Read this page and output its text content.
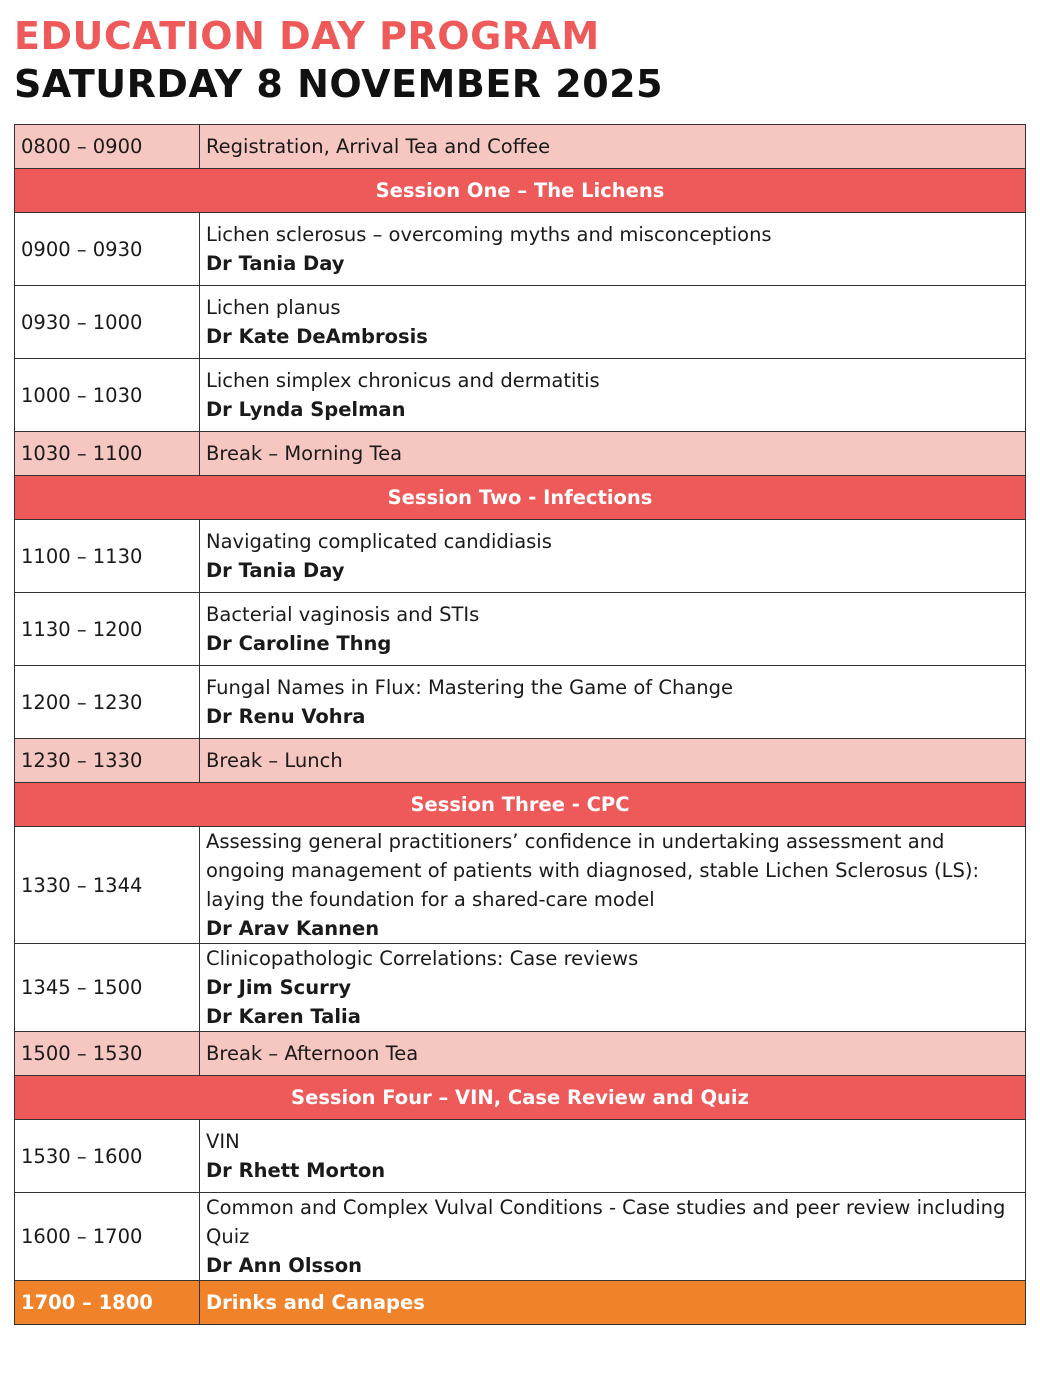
EDUCATION DAY PROGRAM
SATURDAY 8 NOVEMBER 2025
0800 – 0900	Registration, Arrival Tea and Coffee
Session One – The Lichens	
0900 – 0930	Lichen sclerosus – overcoming myths and misconceptions
Dr Tania Day

0930 – 1000	Lichen planus
Dr Kate DeAmbrosis

1000 – 1030	Lichen simplex chronicus and dermatitis
Dr Lynda Spelman

1030 – 1100	Break – Morning Tea
Session Two - Infections	
1100 – 1130	Navigating complicated candidiasis
Dr Tania Day

1130 – 1200	Bacterial vaginosis and STIs
Dr Caroline Thng

1200 – 1230	Fungal Names in Flux: Mastering the Game of Change
Dr Renu Vohra

1230 – 1330	Break – Lunch
Session Three - CPC	
1330 – 1344	Assessing general practitioners’ confidence in undertaking assessment and ongoing management of patients with diagnosed, stable Lichen Sclerosus (LS): laying the foundation for a shared-care model
Dr Arav Kannen

1345 – 1500	Clinicopathologic Correlations: Case reviews
Dr Jim Scurry
Dr Karen Talia

1500 – 1530	Break – Afternoon Tea
Session Four – VIN, Case Review and Quiz	
1530 – 1600	VIN
Dr Rhett Morton

1600 – 1700	Common and Complex Vulval Conditions - Case studies and peer review including Quiz
Dr Ann Olsson

1700 – 1800	Drinks and Canapes
